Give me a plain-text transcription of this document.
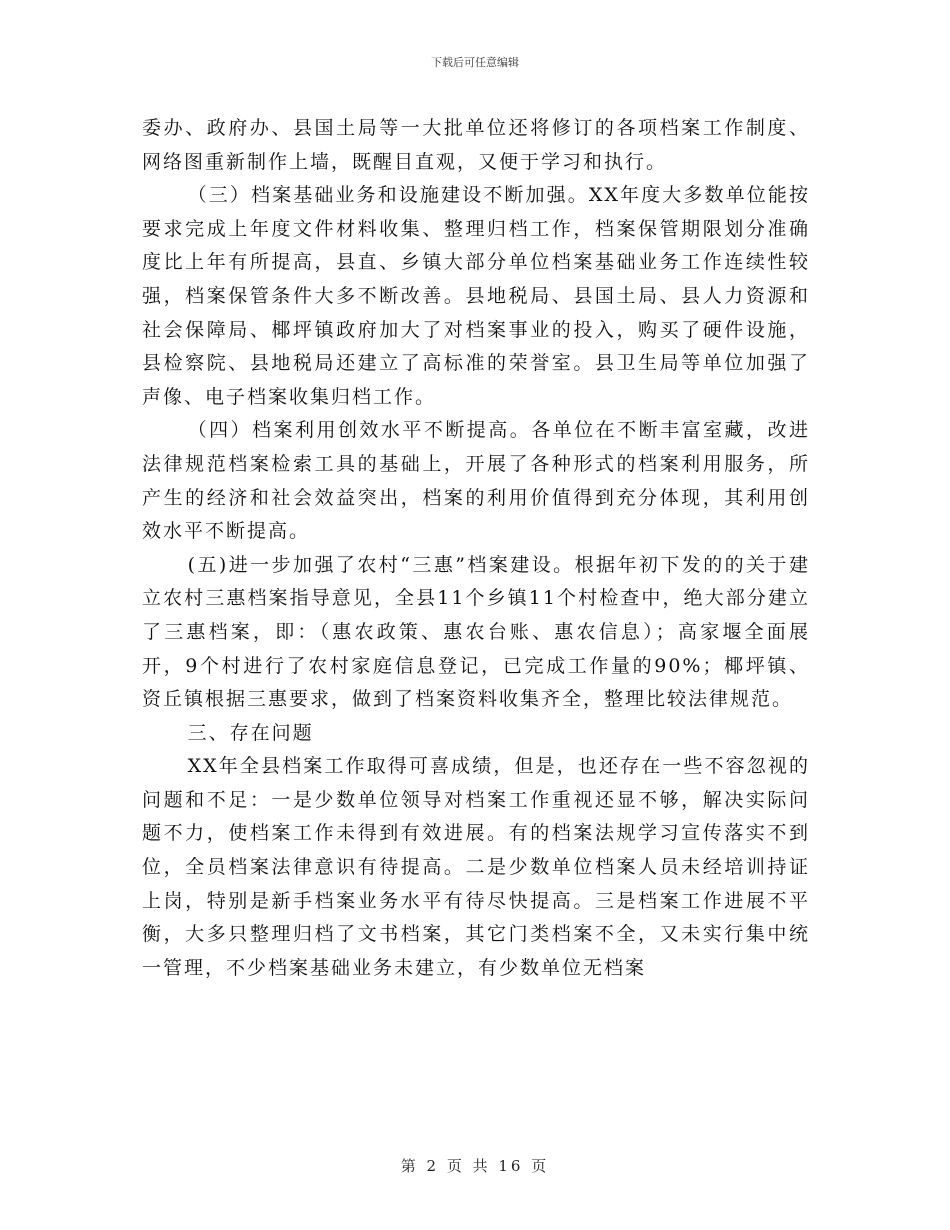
下载后可任意编辑

委办、政府办、县国土局等一大批单位还将修订的各项档案工作制度、网络图重新制作上墙，既醒目直观，又便于学习和执行。

（三）档案基础业务和设施建设不断加强。XX年度大多数单位能按要求完成上年度文件材料收集、整理归档工作，档案保管期限划分准确度比上年有所提高，县直、乡镇大部分单位档案基础业务工作连续性较强，档案保管条件大多不断改善。县地税局、县国土局、县人力资源和社会保障局、椰坪镇政府加大了对档案事业的投入，购买了硬件设施，县检察院、县地税局还建立了高标准的荣誉室。县卫生局等单位加强了声像、电子档案收集归档工作。

（四）档案利用创效水平不断提高。各单位在不断丰富室藏，改进法律规范档案检索工具的基础上，开展了各种形式的档案利用服务，所产生的经济和社会效益突出，档案的利用价值得到充分体现，其利用创效水平不断提高。

(五)进一步加强了农村“三惠”档案建设。根据年初下发的的关于建立农村三惠档案指导意见，全县11个乡镇11个村检查中，绝大部分建立了三惠档案，即：（惠农政策、惠农台账、惠农信息）；高家堰全面展开，9个村进行了农村家庭信息登记，已完成工作量的90%；椰坪镇、资丘镇根据三惠要求，做到了档案资料收集齐全，整理比较法律规范。

三、存在问题

XX年全县档案工作取得可喜成绩，但是，也还存在一些不容忽视的问题和不足：一是少数单位领导对档案工作重视还显不够，解决实际问题不力，使档案工作未得到有效进展。有的档案法规学习宣传落实不到位，全员档案法律意识有待提高。二是少数单位档案人员未经培训持证上岗，特别是新手档案业务水平有待尽快提高。三是档案工作进展不平衡，大多只整理归档了文书档案，其它门类档案不全，又未实行集中统一管理，不少档案基础业务未建立，有少数单位无档案

第 2 页 共 16 页
